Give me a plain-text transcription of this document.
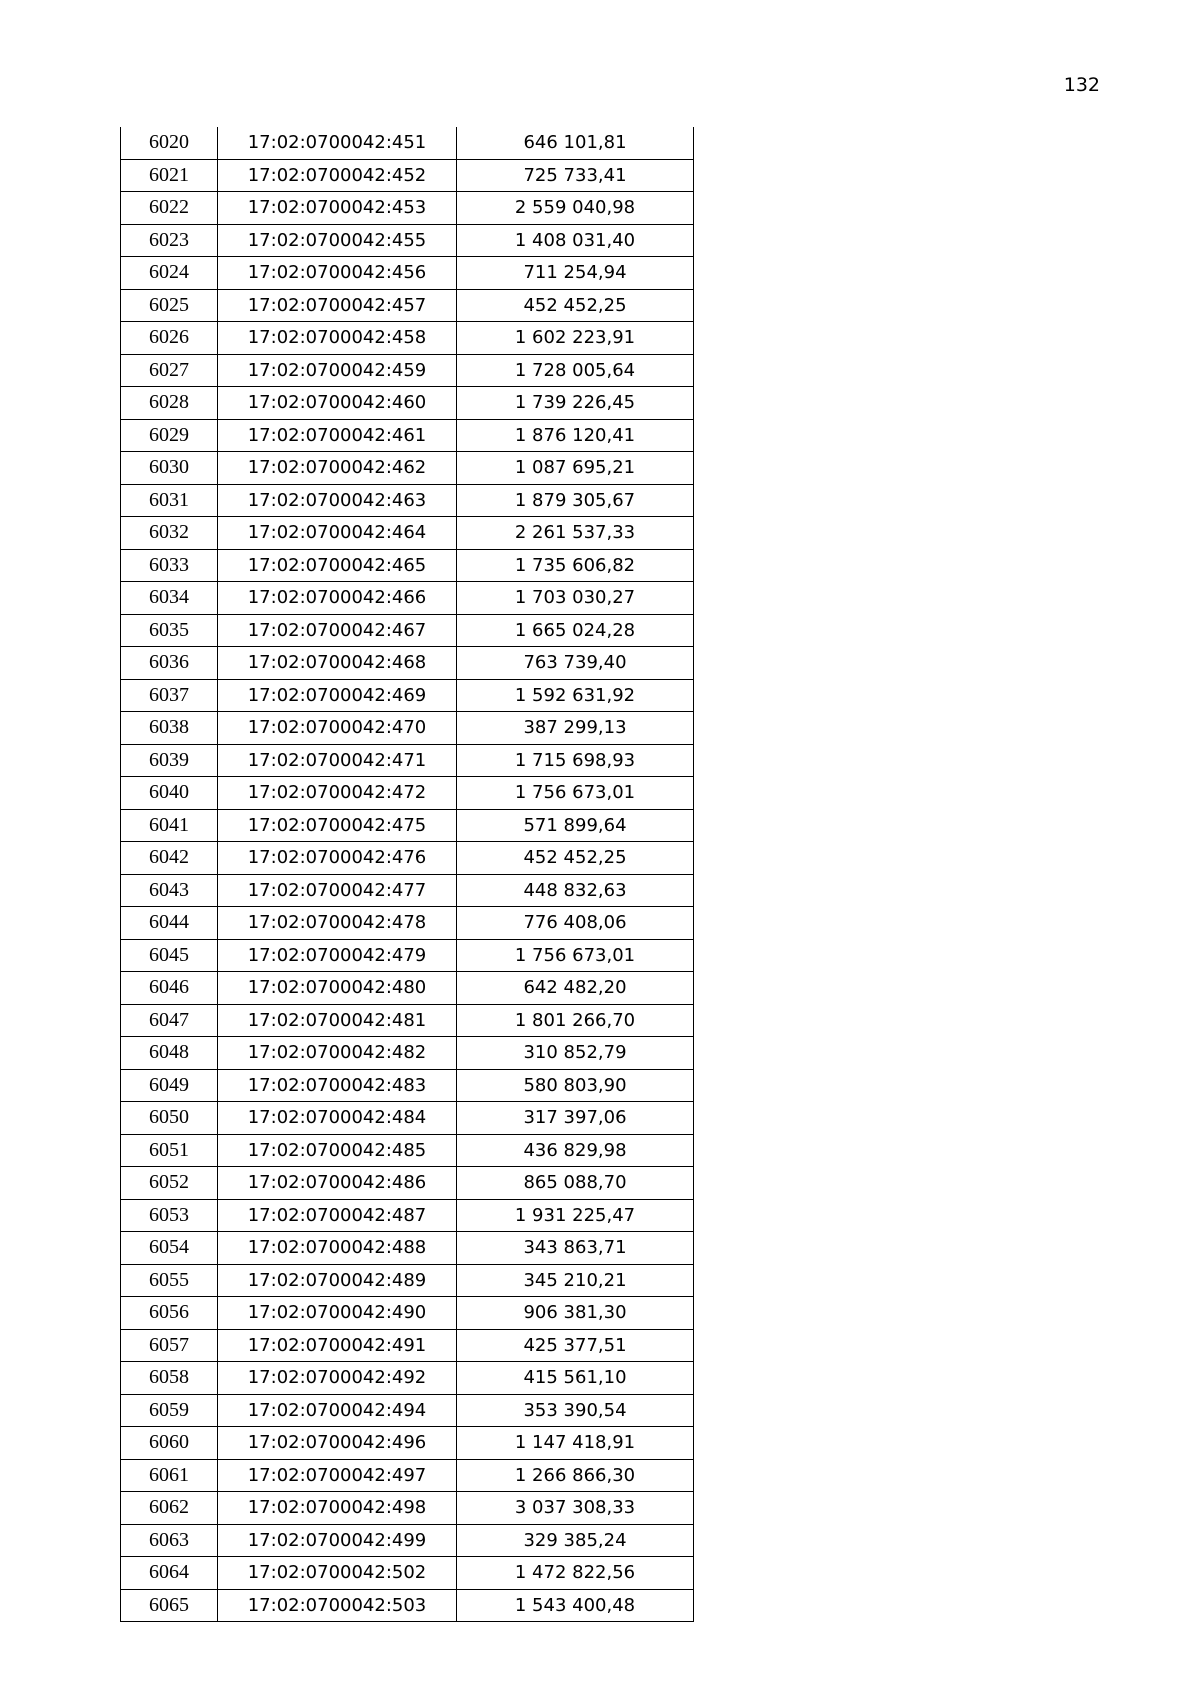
132
6020	17:02:0700042:451	646 101,81
6021	17:02:0700042:452	725 733,41
6022	17:02:0700042:453	2 559 040,98
6023	17:02:0700042:455	1 408 031,40
6024	17:02:0700042:456	711 254,94
6025	17:02:0700042:457	452 452,25
6026	17:02:0700042:458	1 602 223,91
6027	17:02:0700042:459	1 728 005,64
6028	17:02:0700042:460	1 739 226,45
6029	17:02:0700042:461	1 876 120,41
6030	17:02:0700042:462	1 087 695,21
6031	17:02:0700042:463	1 879 305,67
6032	17:02:0700042:464	2 261 537,33
6033	17:02:0700042:465	1 735 606,82
6034	17:02:0700042:466	1 703 030,27
6035	17:02:0700042:467	1 665 024,28
6036	17:02:0700042:468	763 739,40
6037	17:02:0700042:469	1 592 631,92
6038	17:02:0700042:470	387 299,13
6039	17:02:0700042:471	1 715 698,93
6040	17:02:0700042:472	1 756 673,01
6041	17:02:0700042:475	571 899,64
6042	17:02:0700042:476	452 452,25
6043	17:02:0700042:477	448 832,63
6044	17:02:0700042:478	776 408,06
6045	17:02:0700042:479	1 756 673,01
6046	17:02:0700042:480	642 482,20
6047	17:02:0700042:481	1 801 266,70
6048	17:02:0700042:482	310 852,79
6049	17:02:0700042:483	580 803,90
6050	17:02:0700042:484	317 397,06
6051	17:02:0700042:485	436 829,98
6052	17:02:0700042:486	865 088,70
6053	17:02:0700042:487	1 931 225,47
6054	17:02:0700042:488	343 863,71
6055	17:02:0700042:489	345 210,21
6056	17:02:0700042:490	906 381,30
6057	17:02:0700042:491	425 377,51
6058	17:02:0700042:492	415 561,10
6059	17:02:0700042:494	353 390,54
6060	17:02:0700042:496	1 147 418,91
6061	17:02:0700042:497	1 266 866,30
6062	17:02:0700042:498	3 037 308,33
6063	17:02:0700042:499	329 385,24
6064	17:02:0700042:502	1 472 822,56
6065	17:02:0700042:503	1 543 400,48
